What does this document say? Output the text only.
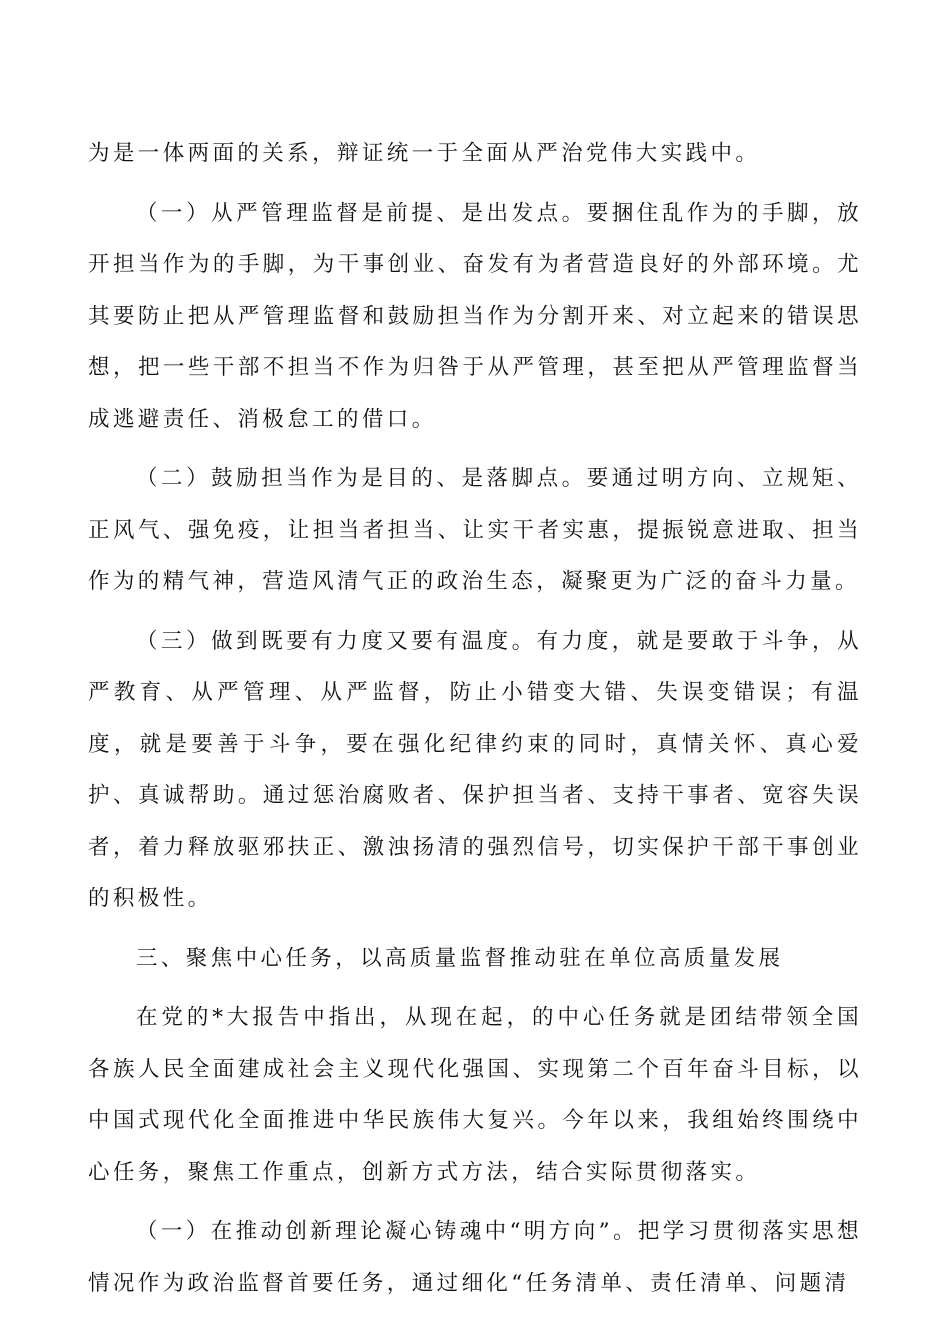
为是一体两面的关系，辩证统一于全面从严治党伟大实践中。

（一）从严管理监督是前提、是出发点。要捆住乱作为的手脚，放开担当作为的手脚，为干事创业、奋发有为者营造良好的外部环境。尤其要防止把从严管理监督和鼓励担当作为分割开来、对立起来的错误思想，把一些干部不担当不作为归咎于从严管理，甚至把从严管理监督当成逃避责任、消极怠工的借口。

（二）鼓励担当作为是目的、是落脚点。要通过明方向、立规矩、正风气、强免疫，让担当者担当、让实干者实惠，提振锐意进取、担当作为的精气神，营造风清气正的政治生态，凝聚更为广泛的奋斗力量。

（三）做到既要有力度又要有温度。有力度，就是要敢于斗争，从严教育、从严管理、从严监督，防止小错变大错、失误变错误；有温度，就是要善于斗争，要在强化纪律约束的同时，真情关怀、真心爱护、真诚帮助。通过惩治腐败者、保护担当者、支持干事者、宽容失误者，着力释放驱邪扶正、激浊扬清的强烈信号，切实保护干部干事创业的积极性。

三、聚焦中心任务，以高质量监督推动驻在单位高质量发展

在党的*大报告中指出，从现在起，的中心任务就是团结带领全国各族人民全面建成社会主义现代化强国、实现第二个百年奋斗目标，以中国式现代化全面推进中华民族伟大复兴。今年以来，我组始终围绕中心任务，聚焦工作重点，创新方式方法，结合实际贯彻落实。

（一）在推动创新理论凝心铸魂中“明方向”。把学习贯彻落实思想情况作为政治监督首要任务，通过细化“任务清单、责任清单、问题清
